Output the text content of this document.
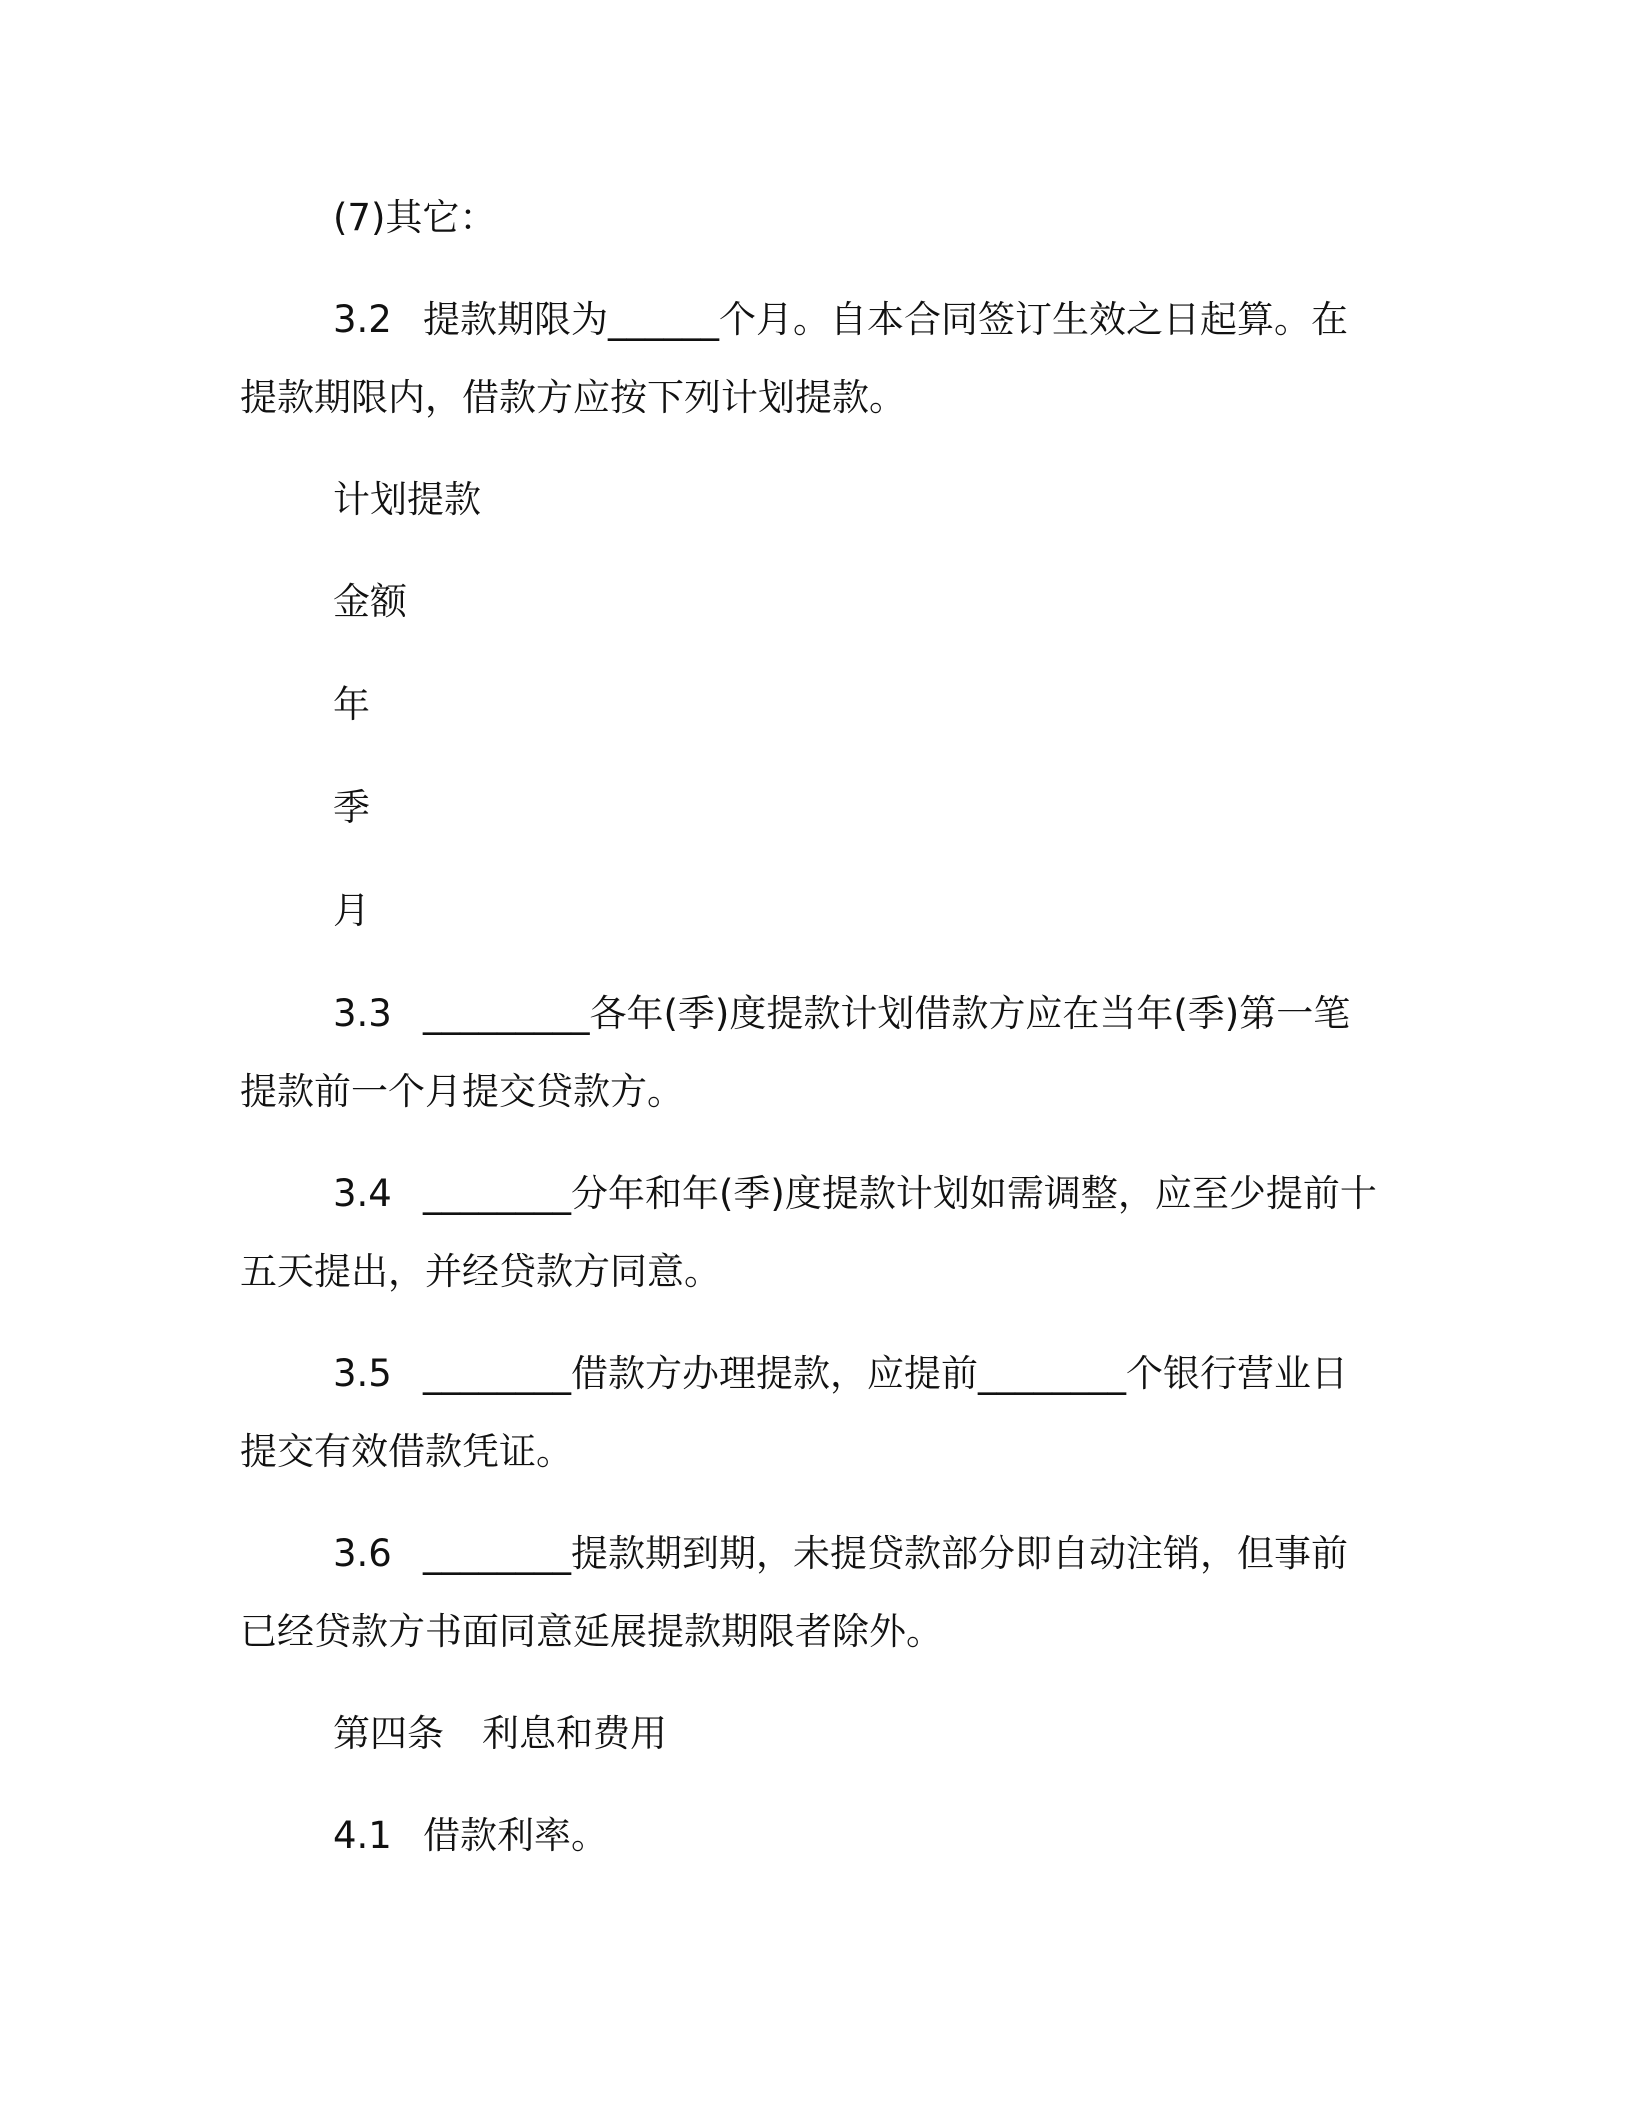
(7)其它：
3.2 提款期限为______个月。自本合同签订生效之日起算。在
提款期限内，借款方应按下列计划提款。
计划提款
金额
年
季
月
3.3 _________各年(季)度提款计划借款方应在当年(季)第一笔
提款前一个月提交贷款方。
3.4 ________分年和年(季)度提款计划如需调整，应至少提前十
五天提出，并经贷款方同意。
3.5 ________借款方办理提款，应提前________个银行营业日
提交有效借款凭证。
3.6 ________提款期到期，未提贷款部分即自动注销，但事前
已经贷款方书面同意延展提款期限者除外。
第四条 利息和费用
4.1 借款利率。
